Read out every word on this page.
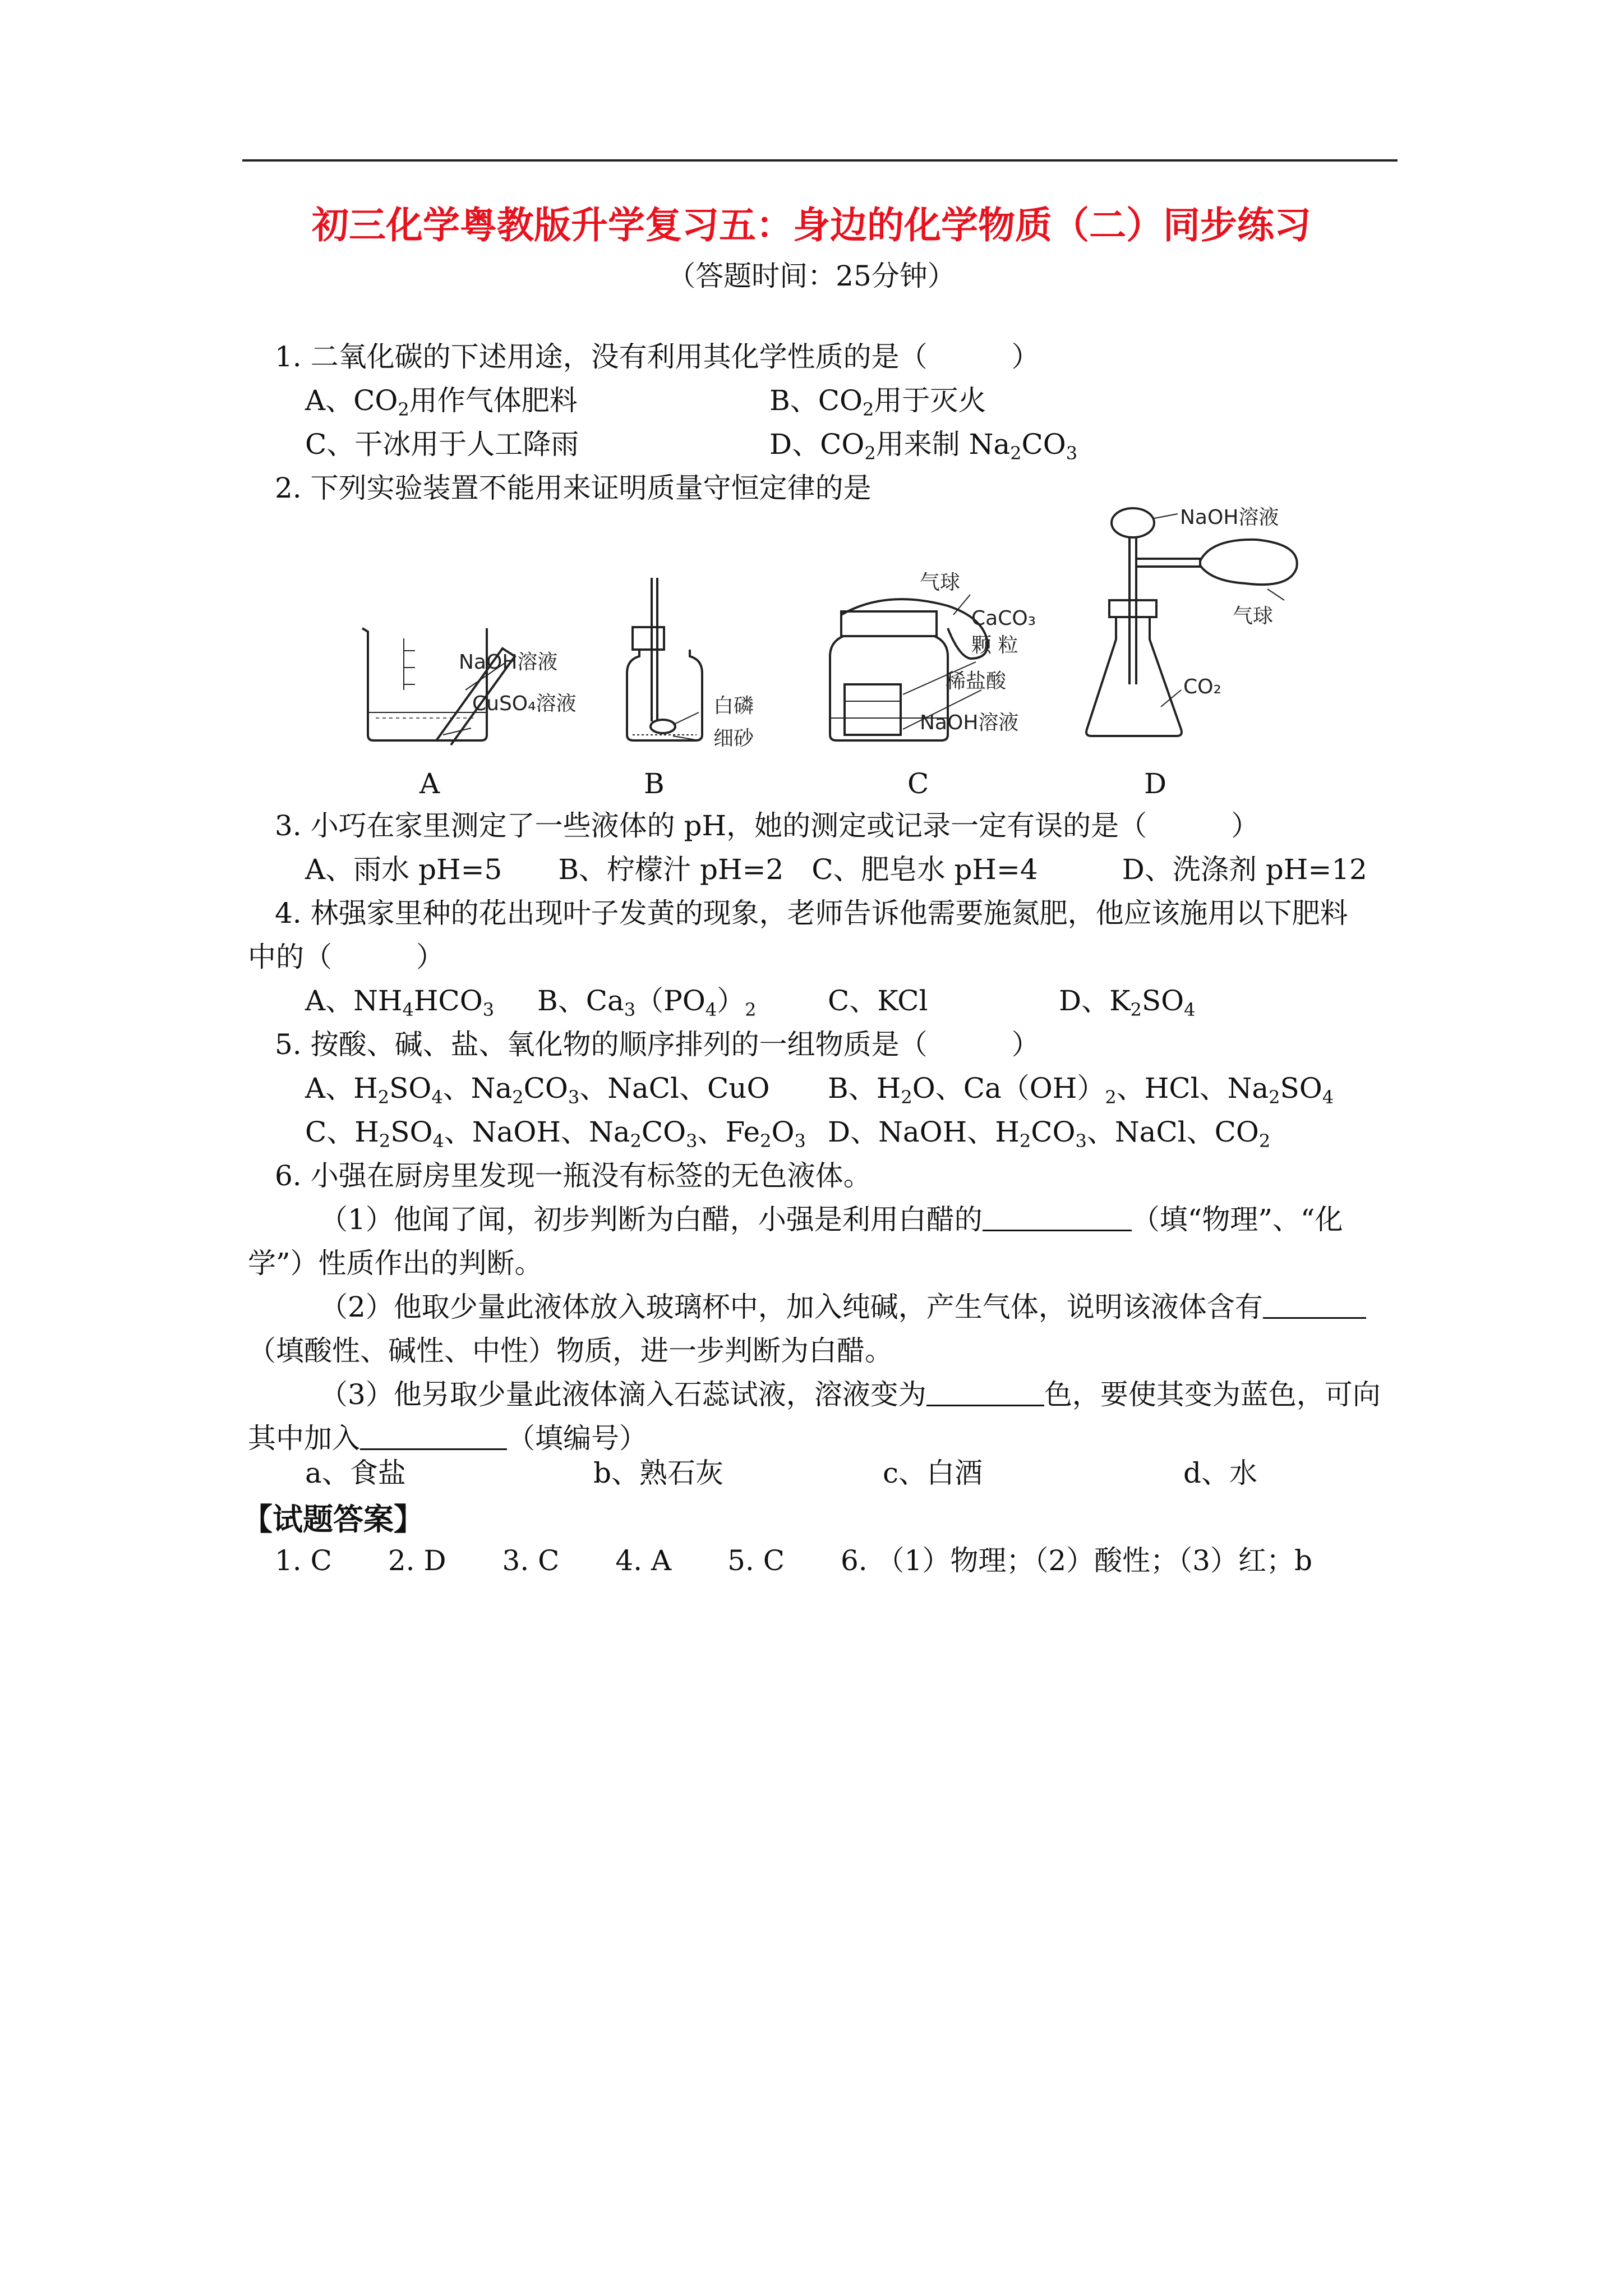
初三化学粤教版升学复习五：身边的化学物质（二）同步练习
（答题时间：25分钟）
1. 二氧化碳的下述用途，没有利用其化学性质的是（　　　）
A、$CO_2$用作气体肥料	B、$CO_2$用于灭火
C、干冰用于人工降雨	D、$CO_2$用来制 $Na_2CO_3$
2. 下列实验装置不能用来证明质量守恒定律的是
NaOH溶液
CuSO₄溶液	白磷
细砂
气球
CaCO₃
颗 粒
稀盐酸
NaOH溶液
NaOH溶液
气球
CO₂
A	B	C	D
3. 小巧在家里测定了一些液体的 pH，她的测定或记录一定有误的是（　　　）
A、雨水 pH=5　　B、柠檬汁 pH=2　C、肥皂水 pH=4　　　D、洗涤剂 pH=12
4. 林强家里种的花出现叶子发黄的现象，老师告诉他需要施氮肥，他应该施用以下肥料
中的（　　　）
A、$NH_4HCO_3$ B、$Ca_3(PO_4)_2$	C、KCl	D、$K_2SO_4$
5. 按酸、碱、盐、氧化物的顺序排列的一组物质是（　　　）
A、$H_2SO_4$、$Na_2CO_3$、NaCl、CuO B、$H_2O$、$Ca(OH)_2$、HCl、$Na_2SO_4$
C、$H_2SO_4$、NaOH、$Na_2CO_3$、$Fe_2O_3$ D、NaOH、$H_2CO_3$、NaCl、$CO_2$
6. 小强在厨房里发现一瓶没有标签的无色液体。
（1）他闻了闻，初步判断为白醋，小强是利用白醋的	（填“物理”、“化
学”）性质作出的判断。
（2）他取少量此液体放入玻璃杯中，加入纯碱，产生气体，说明该液体含有
（填酸性、碱性、中性）物质，进一步判断为白醋。
（3）他另取少量此液体滴入石蕊试液，溶液变为	色，要使其变为蓝色，可向
其中加入	（填编号）
a、食盐	b、熟石灰	c、白酒	d、水
【试题答案】
1. C　　2. D　　3. C　　4. A　　5. C　　6. （1）物理；（2）酸性；（3）红；b
